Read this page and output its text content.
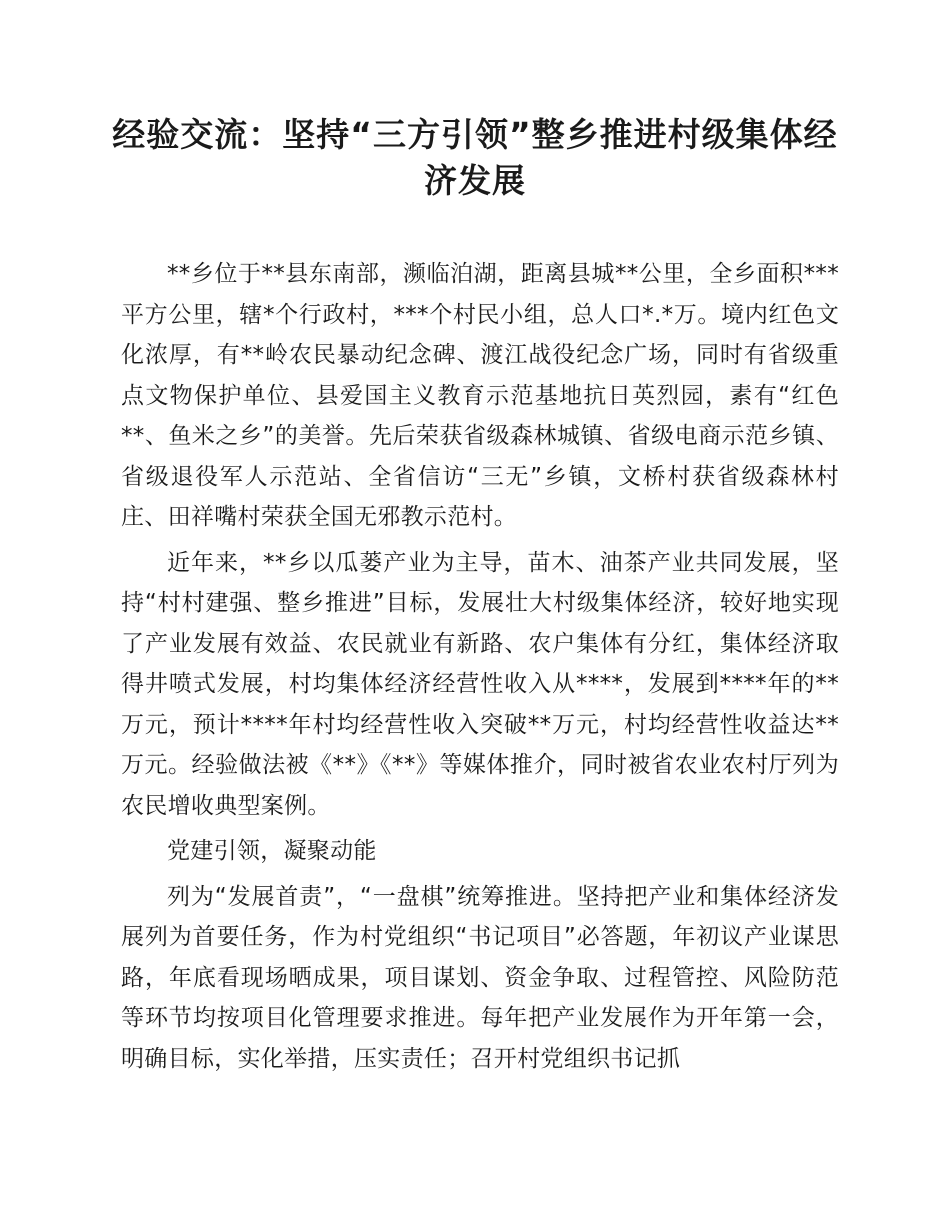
经验交流：坚持“三方引领”整乡推进村级集体经济发展

**乡位于**县东南部，濒临泊湖，距离县城**公里，全乡面积***平方公里，辖*个行政村，***个村民小组，总人口*.*万。境内红色文化浓厚，有**岭农民暴动纪念碑、渡江战役纪念广场，同时有省级重点文物保护单位、县爱国主义教育示范基地抗日英烈园，素有“红色**、鱼米之乡”的美誉。先后荣获省级森林城镇、省级电商示范乡镇、省级退役军人示范站、全省信访“三无”乡镇，文桥村获省级森林村庄、田祥嘴村荣获全国无邪教示范村。

近年来，**乡以瓜蒌产业为主导，苗木、油茶产业共同发展，坚持“村村建强、整乡推进”目标，发展壮大村级集体经济，较好地实现了产业发展有效益、农民就业有新路、农户集体有分红，集体经济取得井喷式发展，村均集体经济经营性收入从****，发展到****年的**万元，预计****年村均经营性收入突破**万元，村均经营性收益达**万元。经验做法被《**》《**》等媒体推介，同时被省农业农村厅列为农民增收典型案例。

党建引领，凝聚动能

列为“发展首责”，“一盘棋”统筹推进。坚持把产业和集体经济发展列为首要任务，作为村党组织“书记项目”必答题，年初议产业谋思路，年底看现场晒成果，项目谋划、资金争取、过程管控、风险防范等环节均按项目化管理要求推进。每年把产业发展作为开年第一会，明确目标，实化举措，压实责任；召开村党组织书记抓
